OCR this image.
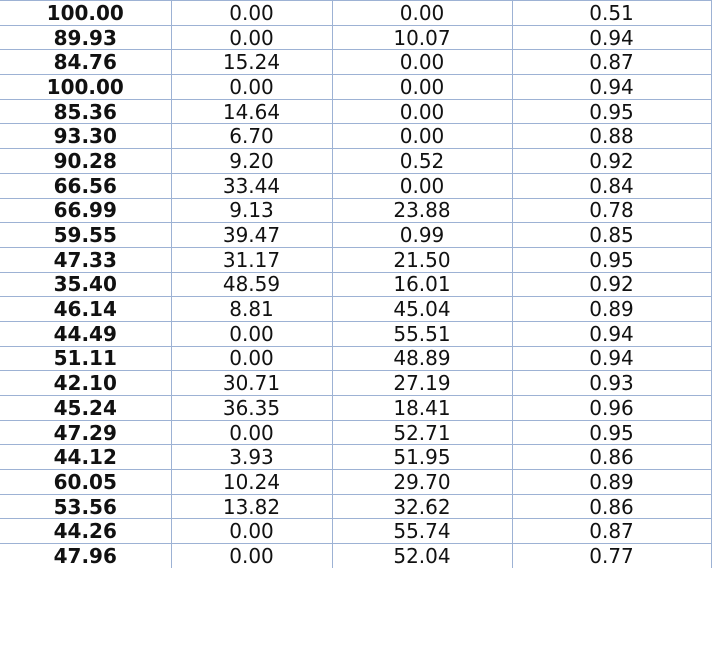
100.00	0.00	0.00	0.51
89.93	0.00	10.07	0.94
84.76	15.24	0.00	0.87
100.00	0.00	0.00	0.94
85.36	14.64	0.00	0.95
93.30	6.70	0.00	0.88
90.28	9.20	0.52	0.92
66.56	33.44	0.00	0.84
66.99	9.13	23.88	0.78
59.55	39.47	0.99	0.85
47.33	31.17	21.50	0.95
35.40	48.59	16.01	0.92
46.14	8.81	45.04	0.89
44.49	0.00	55.51	0.94
51.11	0.00	48.89	0.94
42.10	30.71	27.19	0.93
45.24	36.35	18.41	0.96
47.29	0.00	52.71	0.95
44.12	3.93	51.95	0.86
60.05	10.24	29.70	0.89
53.56	13.82	32.62	0.86
44.26	0.00	55.74	0.87
47.96	0.00	52.04	0.77
